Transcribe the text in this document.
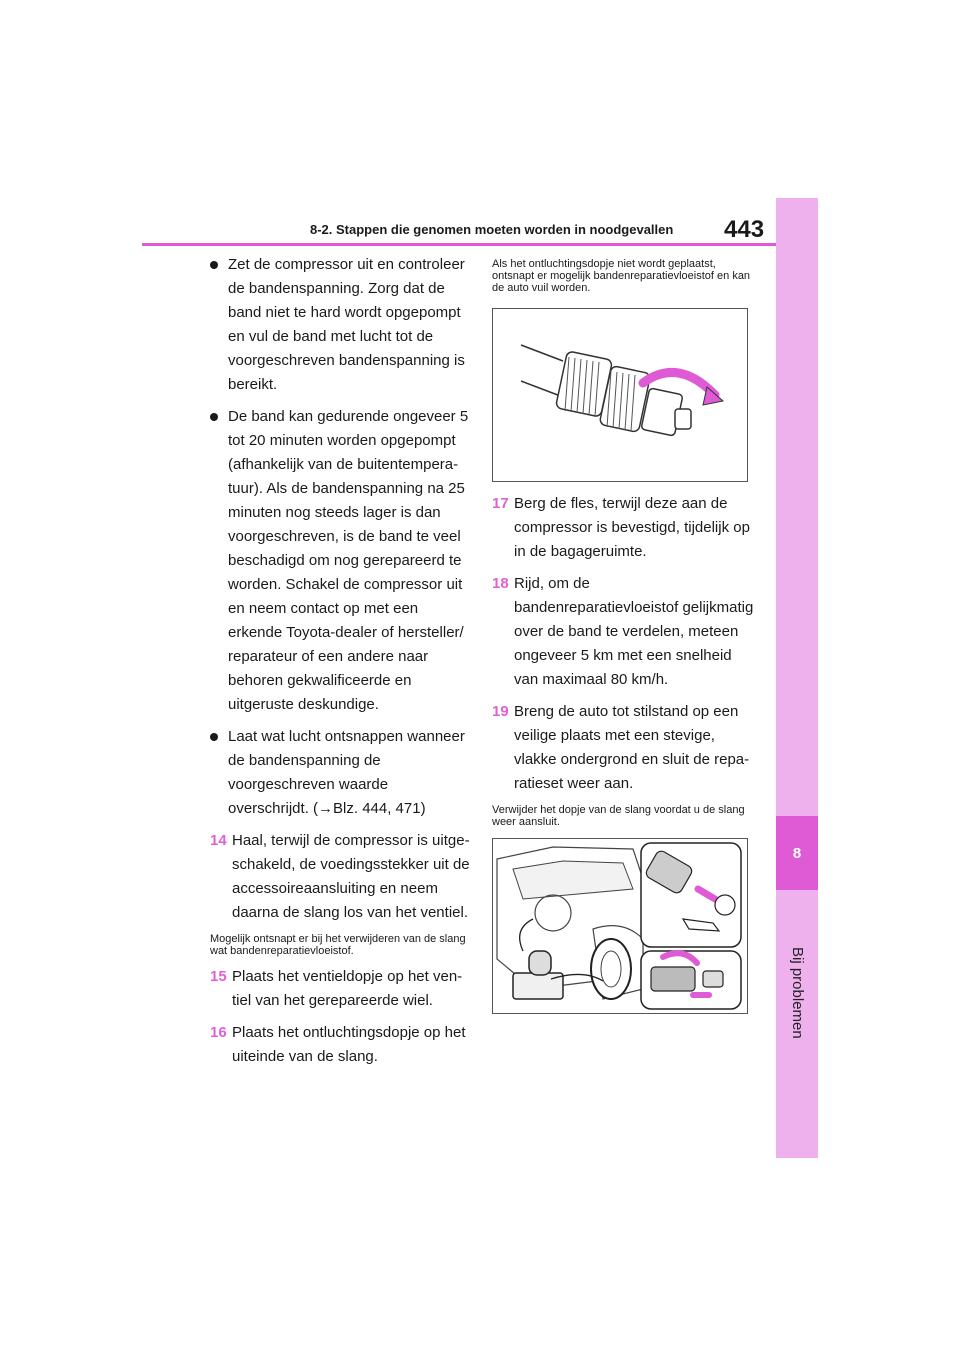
8-2. Stappen die genomen moeten worden in noodgevallen 443
8
Bij problemen
Zet de compressor uit en controleer de bandenspanning. Zorg dat de band niet te hard wordt opgepompt en vul de band met lucht tot de voorgeschreven bandenspanning is bereikt.
De band kan gedurende ongeveer 5 tot 20 minuten worden opgepompt (afhankelijk van de buitentemperatuur). Als de bandenspanning na 25 minuten nog steeds lager is dan voorgeschreven, is de band te veel beschadigd om nog gerepareerd te worden. Schakel de compressor uit en neem contact op met een erkende Toyota-dealer of hersteller/ reparateur of een andere naar behoren gekwalificeerde en uitgeruste deskundige.
Laat wat lucht ontsnappen wanneer de bandenspanning de voorgeschreven waarde overschrijdt. (→Blz. 444, 471)
14 Haal, terwijl de compressor is uitgeschakeld, de voedingsstekker uit de accessoireaansluiting en neem daarna de slang los van het ventiel.
Mogelijk ontsnapt er bij het verwijderen van de slang wat bandenreparatievloeistof.
15 Plaats het ventieldopje op het ventiel van het gerepareerde wiel.
16 Plaats het ontluchtingsdopje op het uiteinde van de slang.
Als het ontluchtingsdopje niet wordt geplaatst, ontsnapt er mogelijk bandenreparatievloeistof en kan de auto vuil worden.
17 Berg de fles, terwijl deze aan de compressor is bevestigd, tijdelijk op in de bagageruimte.
18 Rijd, om de bandenreparatievloeistof gelijkmatig over de band te verdelen, meteen ongeveer 5 km met een snelheid van maximaal 80 km/h.
19 Breng de auto tot stilstand op een veilige plaats met een stevige, vlakke ondergrond en sluit de reparatieset weer aan.
Verwijder het dopje van de slang voordat u de slang weer aansluit.
